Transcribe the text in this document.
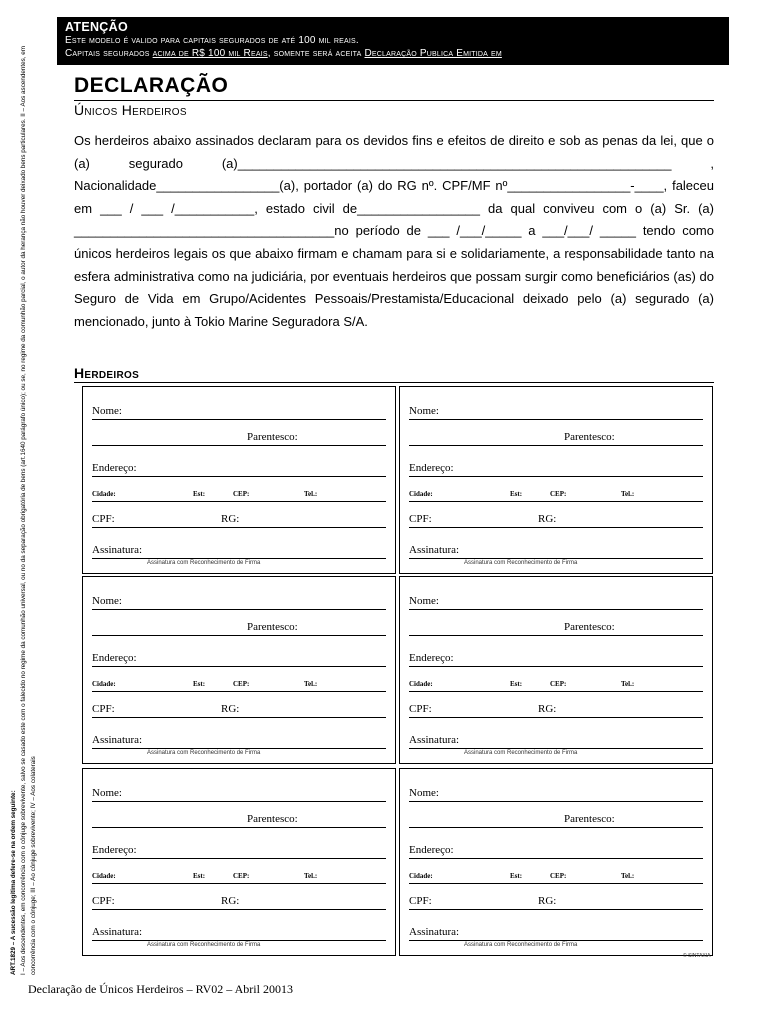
ART.1829 – A sucessão legítima defere-se na ordem seguinte: I – Aos descendentes, em concorrência com o cônjuge sobrevivente, salvo se casado este com o falecido no regime da comunhão universal, ou no da separação obrigatória de bens (art.1640 parágrafo único); ou se, no regime da comunhão parcial, o autor da herança não houver deixado bens particulares. II – Aos ascendentes, em concorrência com o cônjuge; III – Ao cônjuge sobrevivente; IV – Aos colaterais
ATENÇÃO
Este modelo é valido para capitais segurados de até 100 mil reais.
Capitais segurados acima de R$ 100 mil Reais, somente será aceita Declaração Publica Emitida em
DECLARAÇÃO
Únicos Herdeiros

Os herdeiros abaixo assinados declaram para os devidos fins e efeitos de direito e sob as penas da lei, que o (a) segurado (a)____________________________________________________________ , Nacionalidade_________________(a), portador (a) do RG nº. CPF/MF nº_________________-____, faleceu em ___ / ___ /___________, estado civil de_________________ da qual conviveu com o (a) Sr. (a) ____________________________________no período de ___ /___/_____ a ___/___/ _____ tendo como únicos herdeiros legais os que abaixo firmam e chamam para si e solidariamente, a responsabilidade tanto na esfera administrativa como na judiciária, por eventuais herdeiros que possam surgir como beneficiários (as) do Seguro de Vida em Grupo/Acidentes Pessoais/Prestamista/Educacional deixado pelo (a) segurado (a) mencionado, junto à Tokio Marine Seguradora S/A.

Herdeiros
Nome:
Parentesco:
Endereço:
Cidade:	Est:	CEP:	Tel.:
CPF:	RG:
Assinatura:
Assinatura com Reconhecimento de Firma
Nome:
Parentesco:
Endereço:
Cidade:	Est:	CEP:	Tel.:
CPF:	RG:
Assinatura:
Assinatura com Reconhecimento de Firma
Nome:
Parentesco:
Endereço:
Cidade:	Est:	CEP:	Tel.:
CPF:	RG:
Assinatura:
Assinatura com Reconhecimento de Firma
Nome:
Parentesco:
Endereço:
Cidade:	Est:	CEP:	Tel.:
CPF:	RG:
Assinatura:
Assinatura com Reconhecimento de Firma
Nome:
Parentesco:
Endereço:
Cidade:	Est:	CEP:	Tel.:
CPF:	RG:
Assinatura:
Assinatura com Reconhecimento de Firma
Nome:
Parentesco:
Endereço:
Cidade:	Est:	CEP:	Tel.:
CPF:	RG:
Assinatura:
Assinatura com Reconhecimento de Firma
© SINTAXIA
Declaração de Únicos Herdeiros – RV02 – Abril 20013
